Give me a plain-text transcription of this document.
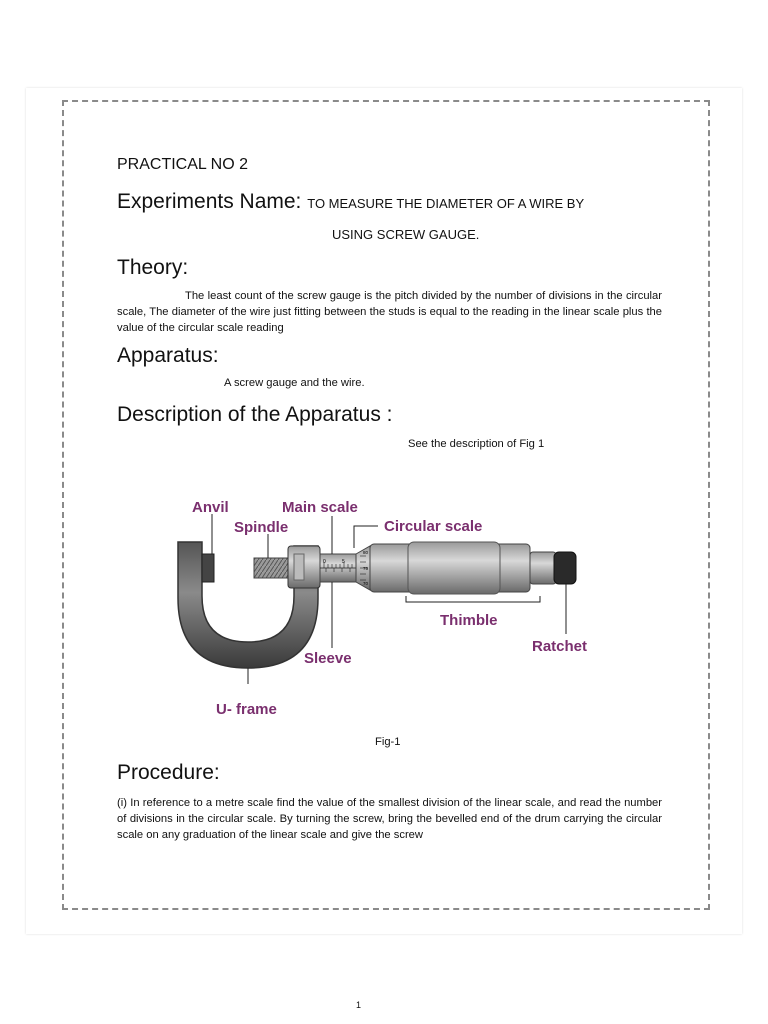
PRACTICAL NO 2
Experiments Name: TO MEASURE THE DIAMETER OF A WIRE BY
USING SCREW GAUGE.
Theory:
The least count of the screw gauge is the pitch divided by the number of divisions in the circular scale, The diameter of the wire just fitting between the studs is equal to the reading in the linear scale plus the value of the circular scale reading
Apparatus:
A screw gauge and the wire.
Description of the Apparatus :
See the description of Fig 1
0	5
80
75
70
Anvil
Spindle
Main scale
Circular scale
Thimble
Ratchet
Sleeve
U- frame
Fig-1
Procedure:
(i) In reference to a metre scale find the value of the smallest division of the linear scale, and read the number of divisions in the circular scale. By turning the screw, bring the bevelled end of the drum carrying the circular scale on any graduation of the linear scale and give the screw
1
